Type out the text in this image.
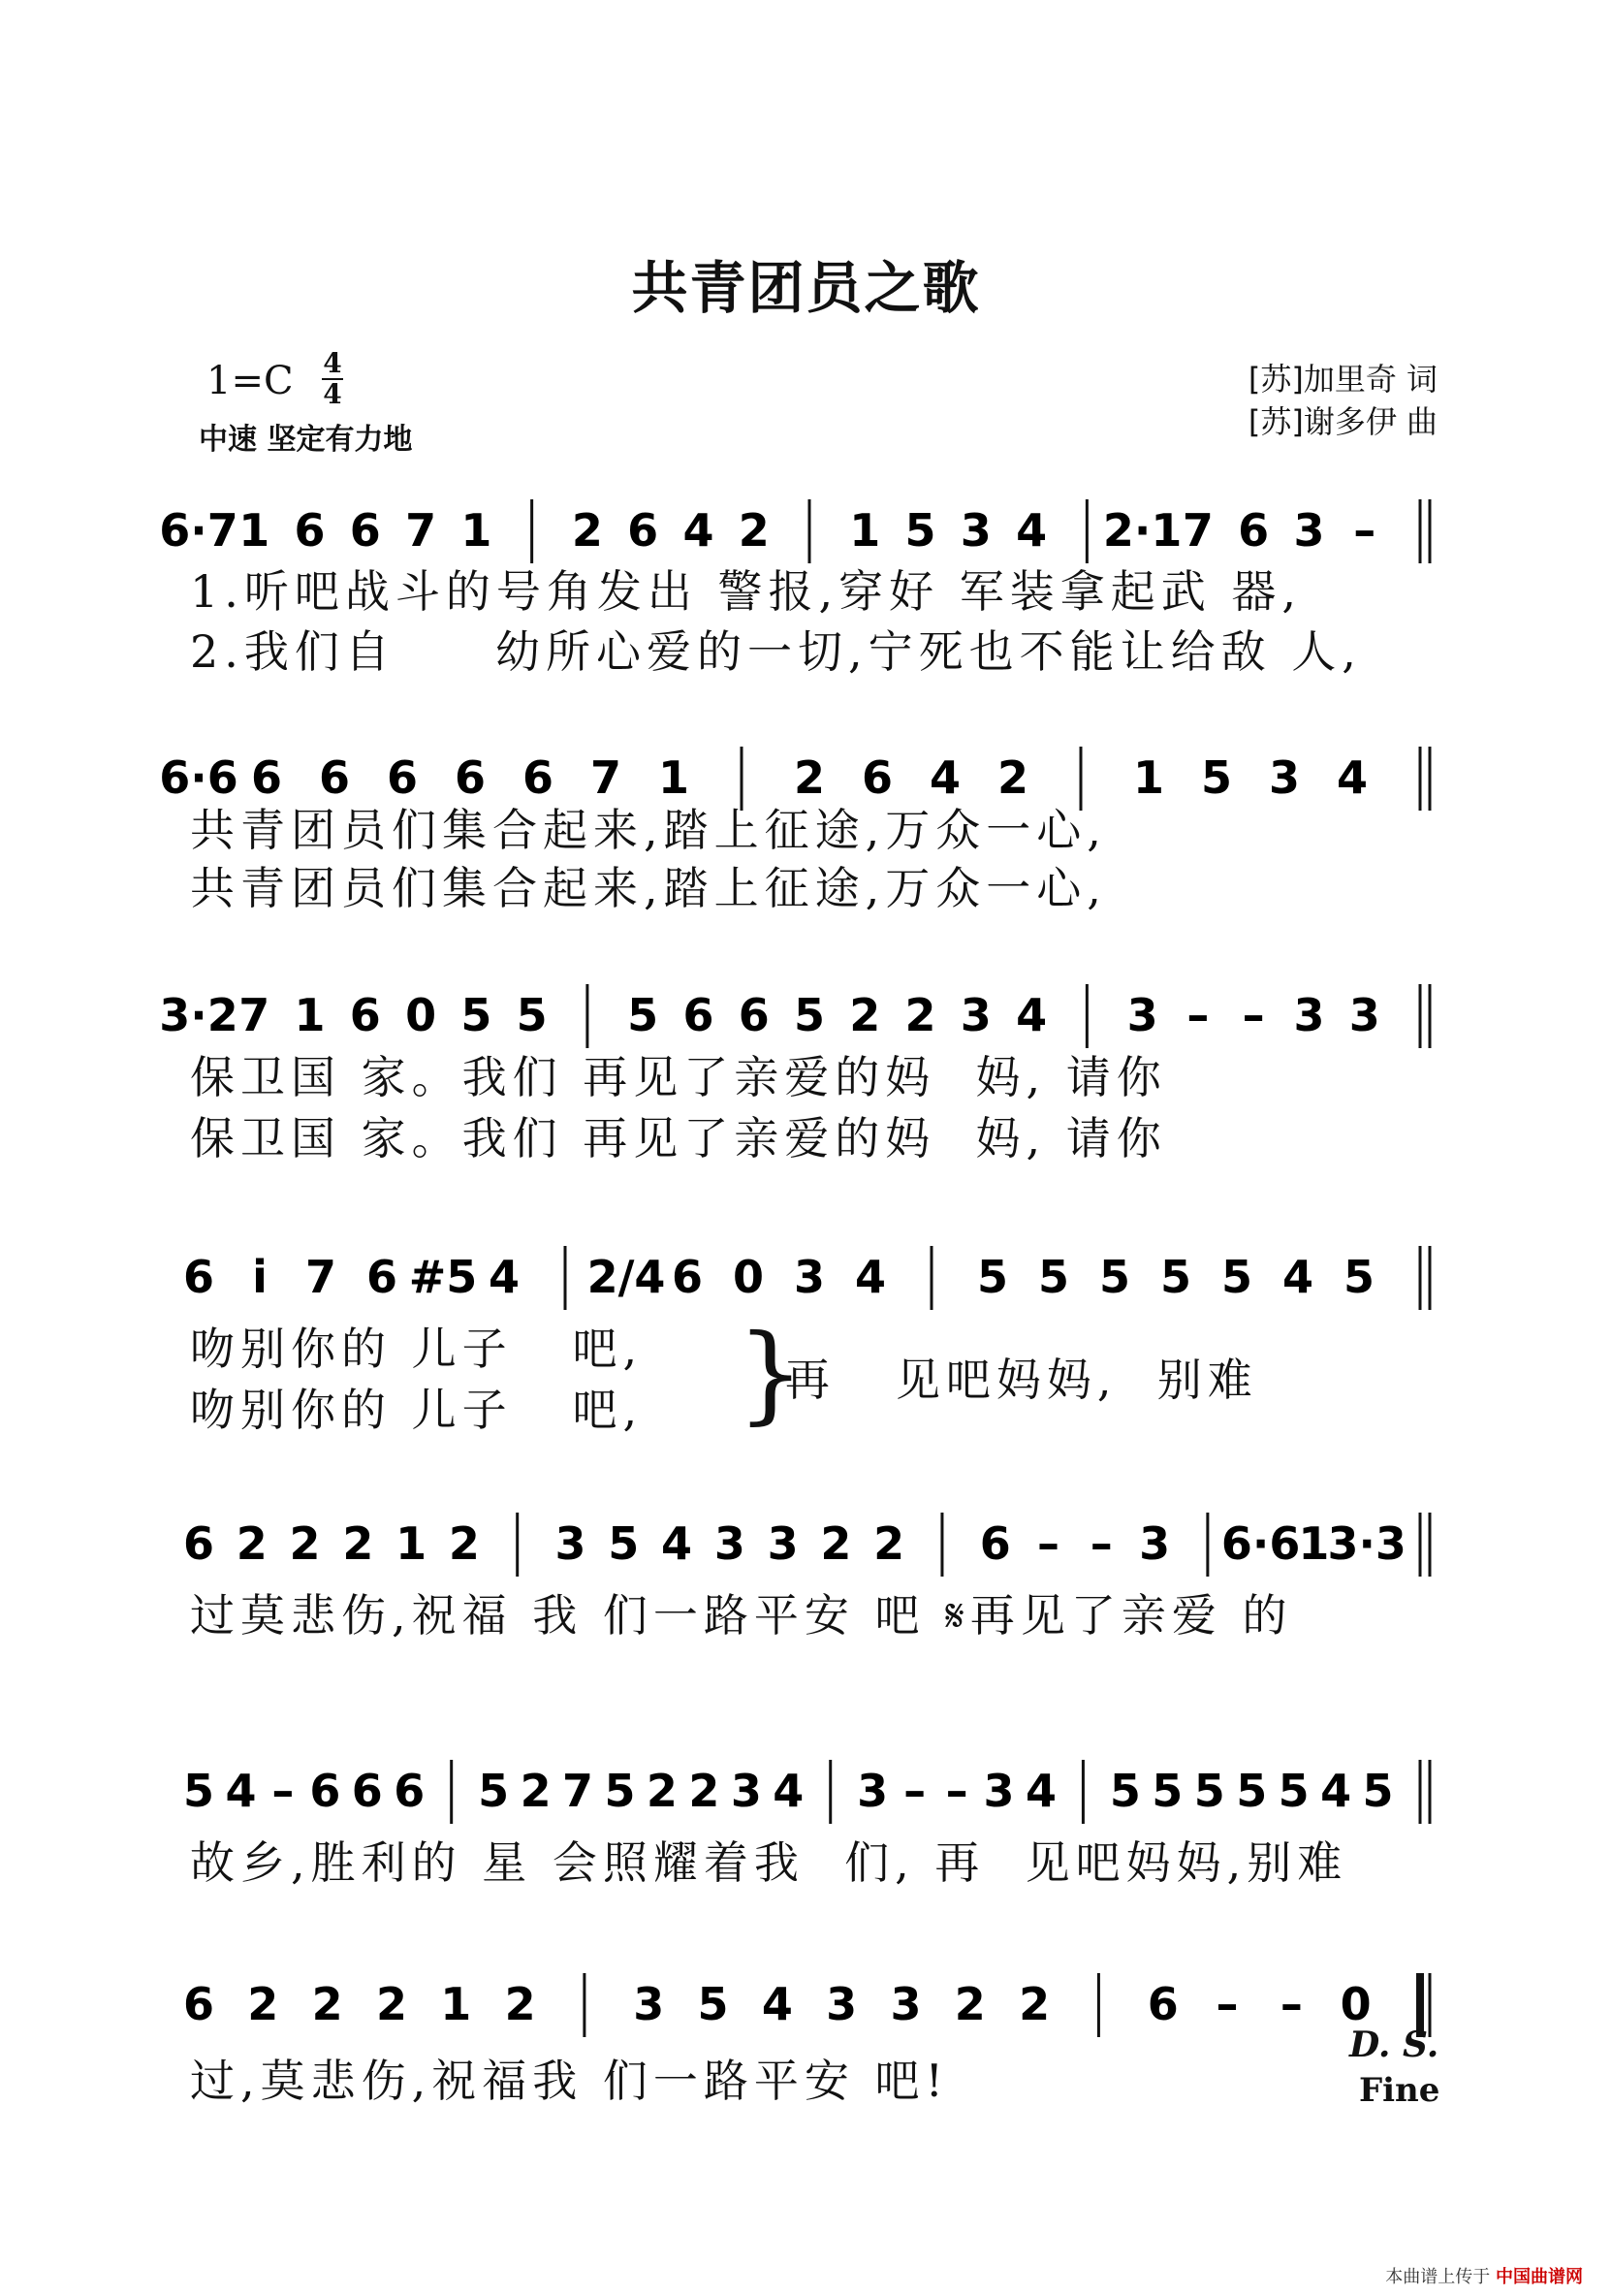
共青团员之歌
1=C 4
4
中速 坚定有力地
[苏]加里奇 词
[苏]谢多伊 曲
6·7 1 6 6 7 1 2 6 4 2 1 5 3 4 2·1 7 6 3 –
6·6 6 6 6 6 6 7 1 2 6 4 2 1 5 3 4
3·2 7 1 6 0 5 5 5 6 6 5 2 2 3 4 3 – – 3 3
6 i 7 6 #5 4 2/4 6 0 3 4 5 5 5 5 5 4 5
6 2 2 2 1 2 3 5 4 3 3 2 2 6 – – 3 6·6
1
3·3
5 4 – 6 6 6 5 2 7 5 2 2 3 4 3 – – 3 4 5 5 5 5 5 4 5
6 2 2 2 1 2 3 5 4 3 3 2 2 6 – – 0
1.听吧战斗的号角发出 警报,穿好 军装拿起武 器,
2.我们自     幼所心爱的一切,宁死也不能让给敌 人,
共青团员们集合起来,踏上征途,万众一心,
共青团员们集合起来,踏上征途,万众一心,
保卫国 家。我们 再见了亲爱的妈  妈, 请你
保卫国 家。我们 再见了亲爱的妈  妈, 请你
吻别你的 儿子   吧,
吻别你的 儿子   吧, }
再   见吧妈妈,  别难
过莫悲伤,祝福 我 们一路平安 吧 𝄋再见了亲爱 的
故乡,胜利的 星 会照耀着我  们, 再  见吧妈妈,别难
过,莫悲伤,祝福我 们一路平安 吧!
D. S.
Fine
本曲谱上传于 中国曲谱网
